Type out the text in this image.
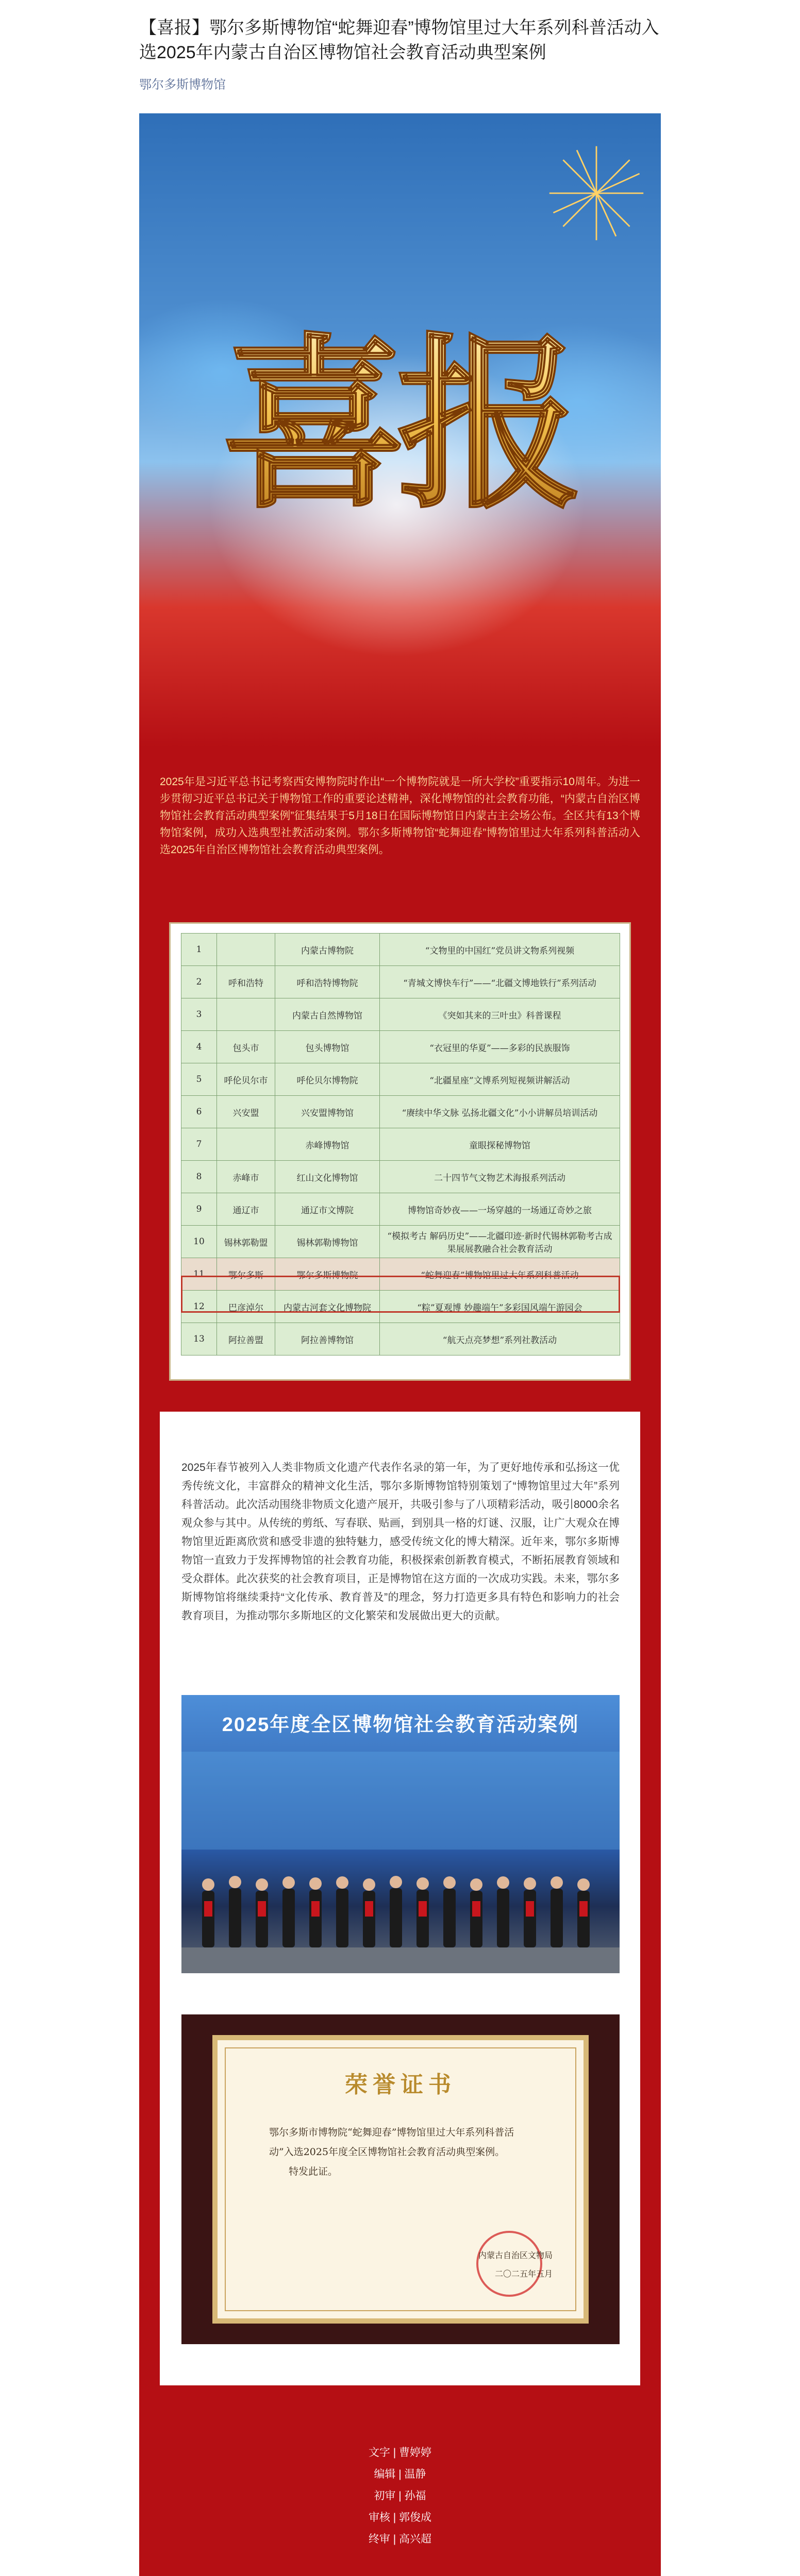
【喜报】鄂尔多斯博物馆“蛇舞迎春”博物馆里过大年系列科普活动入选2025年内蒙古自治区博物馆社会教育活动典型案例
鄂尔多斯博物馆
喜报

2025年是习近平总书记考察西安博物院时作出“一个博物院就是一所大学校”重要指示10周年。为进一步贯彻习近平总书记关于博物馆工作的重要论述精神，深化博物馆的社会教育功能，“内蒙古自治区博物馆社会教育活动典型案例”征集结果于5月18日在国际博物馆日内蒙古主会场公布。全区共有13个博物馆案例，成功入选典型社教活动案例。鄂尔多斯博物馆“蛇舞迎春”博物馆里过大年系列科普活动入选2025年自治区博物馆社会教育活动典型案例。

1		内蒙古博物院	“文物里的中国红”党员讲文物系列视频
2	呼和浩特	呼和浩特博物院	“青城文博快车行”——“北疆文博地铁行”系列活动
3		内蒙古自然博物馆	《突如其来的三叶虫》科普课程
4	包头市	包头博物馆	“衣冠里的华夏”——多彩的民族服饰
5	呼伦贝尔市	呼伦贝尔博物院	“北疆星座”文博系列短视频讲解活动
6	兴安盟	兴安盟博物馆	“赓续中华文脉 弘扬北疆文化”小小讲解员培训活动
7		赤峰博物馆	童眼探秘博物馆
8	赤峰市	红山文化博物馆	二十四节气文物艺术海报系列活动
9	通辽市	通辽市文博院	博物馆奇妙夜——一场穿越的一场通辽奇妙之旅
10	锡林郭勒盟	锡林郭勒博物馆	“模拟考古 解码历史”——北疆印迹·新时代锡林郭勒考古成果展展教融合社会教育活动
11	鄂尔多斯	鄂尔多斯博物院	“蛇舞迎春”博物馆里过大年系列科普活动
12	巴彦淖尔	内蒙古河套文化博物院	“粽”夏观博 妙趣端午”多彩国风端午游园会
13	阿拉善盟	阿拉善博物馆	“航天点亮梦想”系列社教活动

2025年春节被列入人类非物质文化遗产代表作名录的第一年，为了更好地传承和弘扬这一优秀传统文化，丰富群众的精神文化生活，鄂尔多斯博物馆特别策划了“博物馆里过大年”系列科普活动。此次活动围绕非物质文化遗产展开，共吸引参与了八项精彩活动，吸引8000余名观众参与其中。从传统的剪纸、写春联、贴画，到别具一格的灯谜、汉服，让广大观众在博物馆里近距离欣赏和感受非遗的独特魅力，感受传统文化的博大精深。近年来，鄂尔多斯博物馆一直致力于发挥博物馆的社会教育功能，积极探索创新教育模式，不断拓展教育领域和受众群体。此次获奖的社会教育项目，正是博物馆在这方面的一次成功实践。未来，鄂尔多斯博物馆将继续秉持“文化传承、教育普及”的理念，努力打造更多具有特色和影响力的社会教育项目，为推动鄂尔多斯地区的文化繁荣和发展做出更大的贡献。

2025年度全区博物馆社会教育活动案例
荣誉证书
鄂尔多斯市博物院“蛇舞迎春”博物馆里过大年系列科普活动”入选2025年度全区博物馆社会教育活动典型案例。
特发此证。
内蒙古自治区文物局
二〇二五年五月
文字 | 曹婷婷
编辑 | 温静
初审 | 孙福
审核 | 郭俊成
终审 | 高兴超
